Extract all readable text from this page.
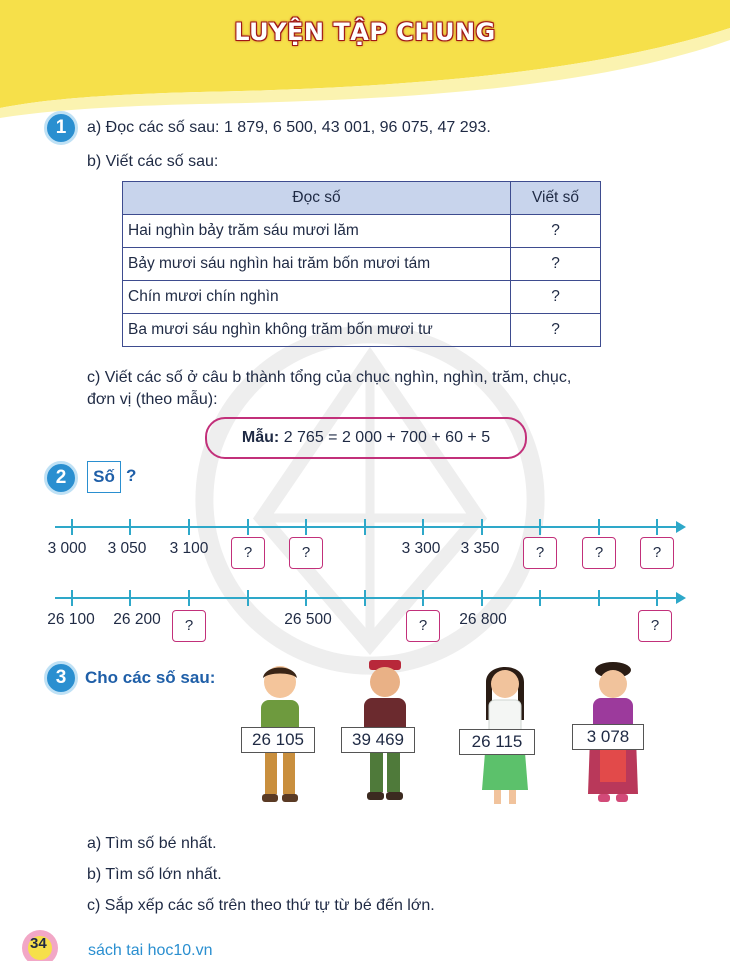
LUYỆN TẬP CHUNG
1	a) Đọc các số sau: 1 879, 6 500, 43 001, 96 075, 47 293.
b) Viết các số sau:
Đọc số	Viết số
Hai nghìn bảy trăm sáu mươi lăm	?
Bảy mươi sáu nghìn hai trăm bốn mươi tám	?
Chín mươi chín nghìn	?
Ba mươi sáu nghìn không trăm bốn mươi tư	?
c) Viết các số ở câu b thành tổng của chục nghìn, nghìn, trăm, chục,
đơn vị (theo mẫu):
Mẫu: 2 765 = 2 000 + 700 + 60 + 5
2	Số ?
3 000 3 050 3 100	?	?	3 300 3 350	?	?	?
26 100 26 200	?	26 500	?	26 800	?
3	Cho các số sau:
26 105	39 469	26 115	3 078
a) Tìm số bé nhất.
b) Tìm số lớn nhất.
c) Sắp xếp các số trên theo thứ tự từ bé đến lớn.
34	sách tai hoc10.vn
